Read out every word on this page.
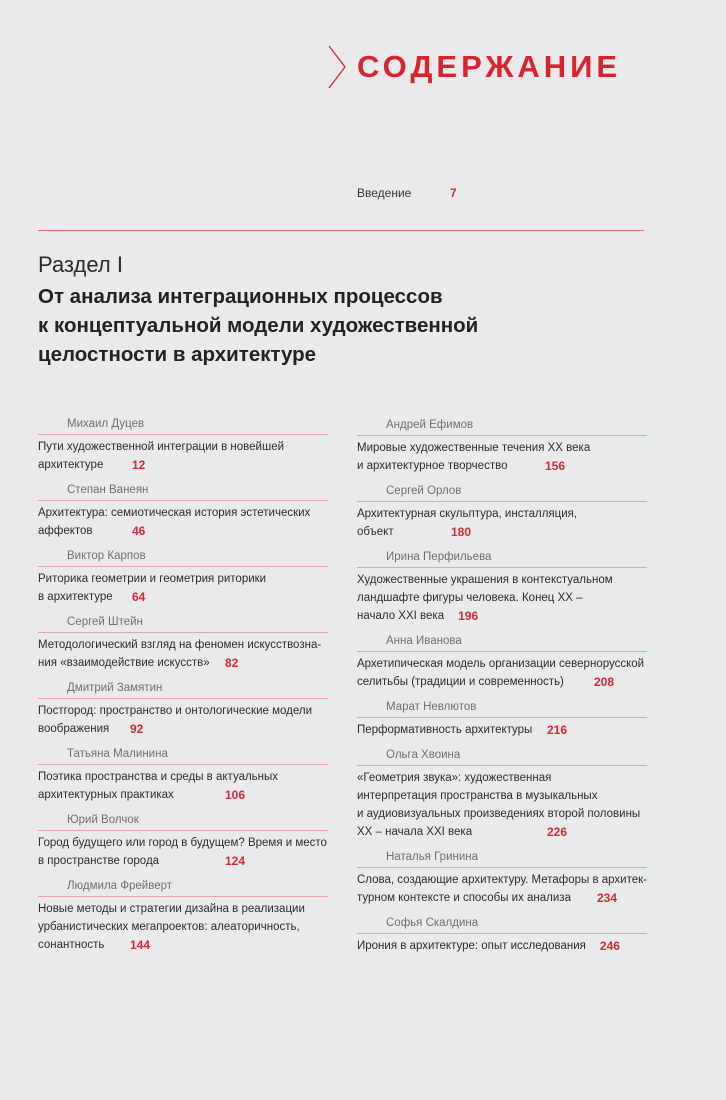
СОДЕРЖАНИЕ
Введение	7
Раздел I
От анализа интеграционных процессов
к концептуальной модели художественной
целостности в архитектуре
Михаил Дуцев
Пути художественной интеграции в новейшей
архитектуре 12
Степан Ванеян
Архитектура: семиотическая история эстетических
аффектов	46
Виктор Карпов
Риторика геометрии и геометрия риторики
в архитектуре 64
Сергей Штейн
Методологический взгляд на феномен искусствозна-
ния «взаимодействие искусств» 82
Дмитрий Замятин
Постгород: пространство и онтологические модели
воображения 92
Татьяна Малинина
Поэтика пространства и среды в актуальных
архитектурных практиках	106
Юрий Волчок
Город будущего или город в будущем? Время и место
в пространстве города	124
Людмила Фрейверт
Новые методы и стратегии дизайна в реализации
урбанистических мегапроектов: алеаторичность,
сонантность 144
Андрей Ефимов
Мировые художественные течения XX века
и архитектурное творчество	156
Сергей Орлов
Архитектурная скульптура, инсталляция,
объект	180
Ирина Перфильева
Художественные украшения в контекстуальном
ландшафте фигуры человека. Конец XX –
начало XXI века 196
Анна Иванова
Архетипическая модель организации севернорусской
селитьбы (традиции и современность)	208
Марат Невлютов
Перформативность архитектуры 216
Ольга Хвоина
«Геометрия звука»: художественная
интерпретация пространства в музыкальных
и аудиовизуальных произведениях второй половины
XX – начала XXI века	226
Наталья Гринина
Слова, создающие архитектуру. Метафоры в архитек-
турном контексте и способы их анализа 234
Софья Скалдина
Ирония в архитектуре: опыт исследования 246
